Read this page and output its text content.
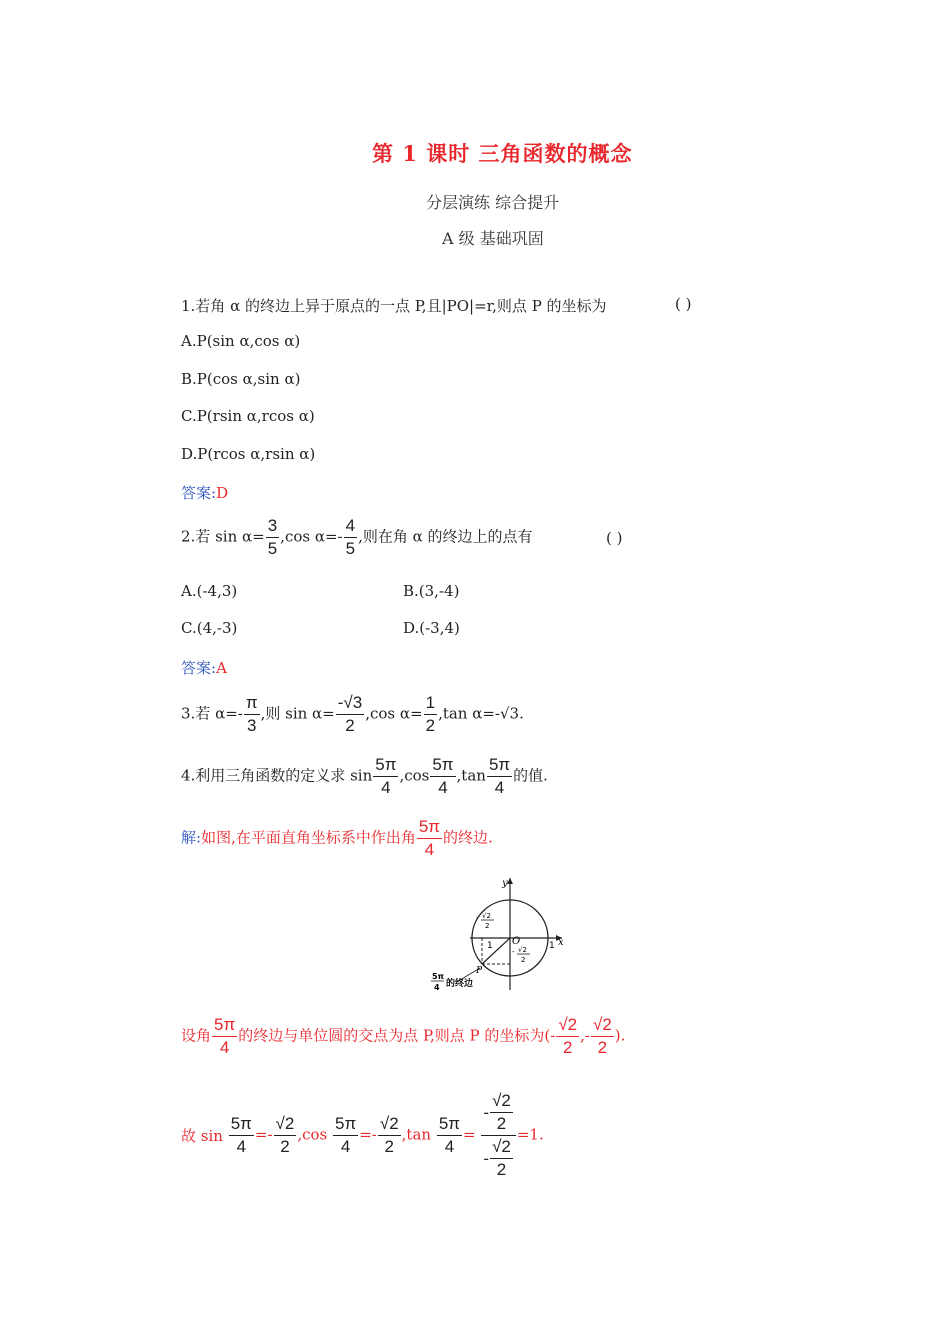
第 1 课时 三角函数的概念
分层演练 综合提升
A 级 基础巩固
1.若角 α 的终边上异于原点的一点 P,且|PO|=r,则点 P 的坐标为	( )
A.P(sin α,cos α)
B.P(cos α,sin α)
C.P(rsin α,rcos α)
D.P(rcos α,rsin α)
答案:D
2.若 $\sin \alpha= \frac{3}{5} ,\cos$ $\alpha=- \frac{4}{5}$ ,则在角 α 的终边上的点有	( )
A.(-4,3)	B.(3,-4)
C.(4,-3)	D.(-3,4)
答案:A
3.若 $\alpha=- \frac{\pi}{3}$ ,则 $\sin \alpha= \frac{-√3}{2} ,\cos$ $\alpha= \frac{1}{2} ,\tan$ α=-√3.
4.利用三角函数的定义求 $\sin \frac{5\pi}{4} ,\cos \frac{5\pi}{4} ,\tan \frac{5\pi}{4}$ 的值.
解:如图,在平面直角坐标系中作出角 $\frac{5\pi}{4}$ 的终边.
y
x
O	1
1
P
- √2
2
- √2
2
5π
4 的终边
设角 $\frac{5\pi}{4}$ 的终边与单位圆的交点为点 P,则点 P 的坐标为(- $\frac{√2}{2}$ ,- $\frac{√2}{2}$ ).
故 $\sin \frac{5\pi}{4} =- \frac{√2}{2} ,\cos \frac{5\pi}{4} =- \frac{√2}{2} ,\tan \frac{5\pi}{4} = \frac{- \frac{√2}{2}}{- \frac{√2}{2}} =1$.
